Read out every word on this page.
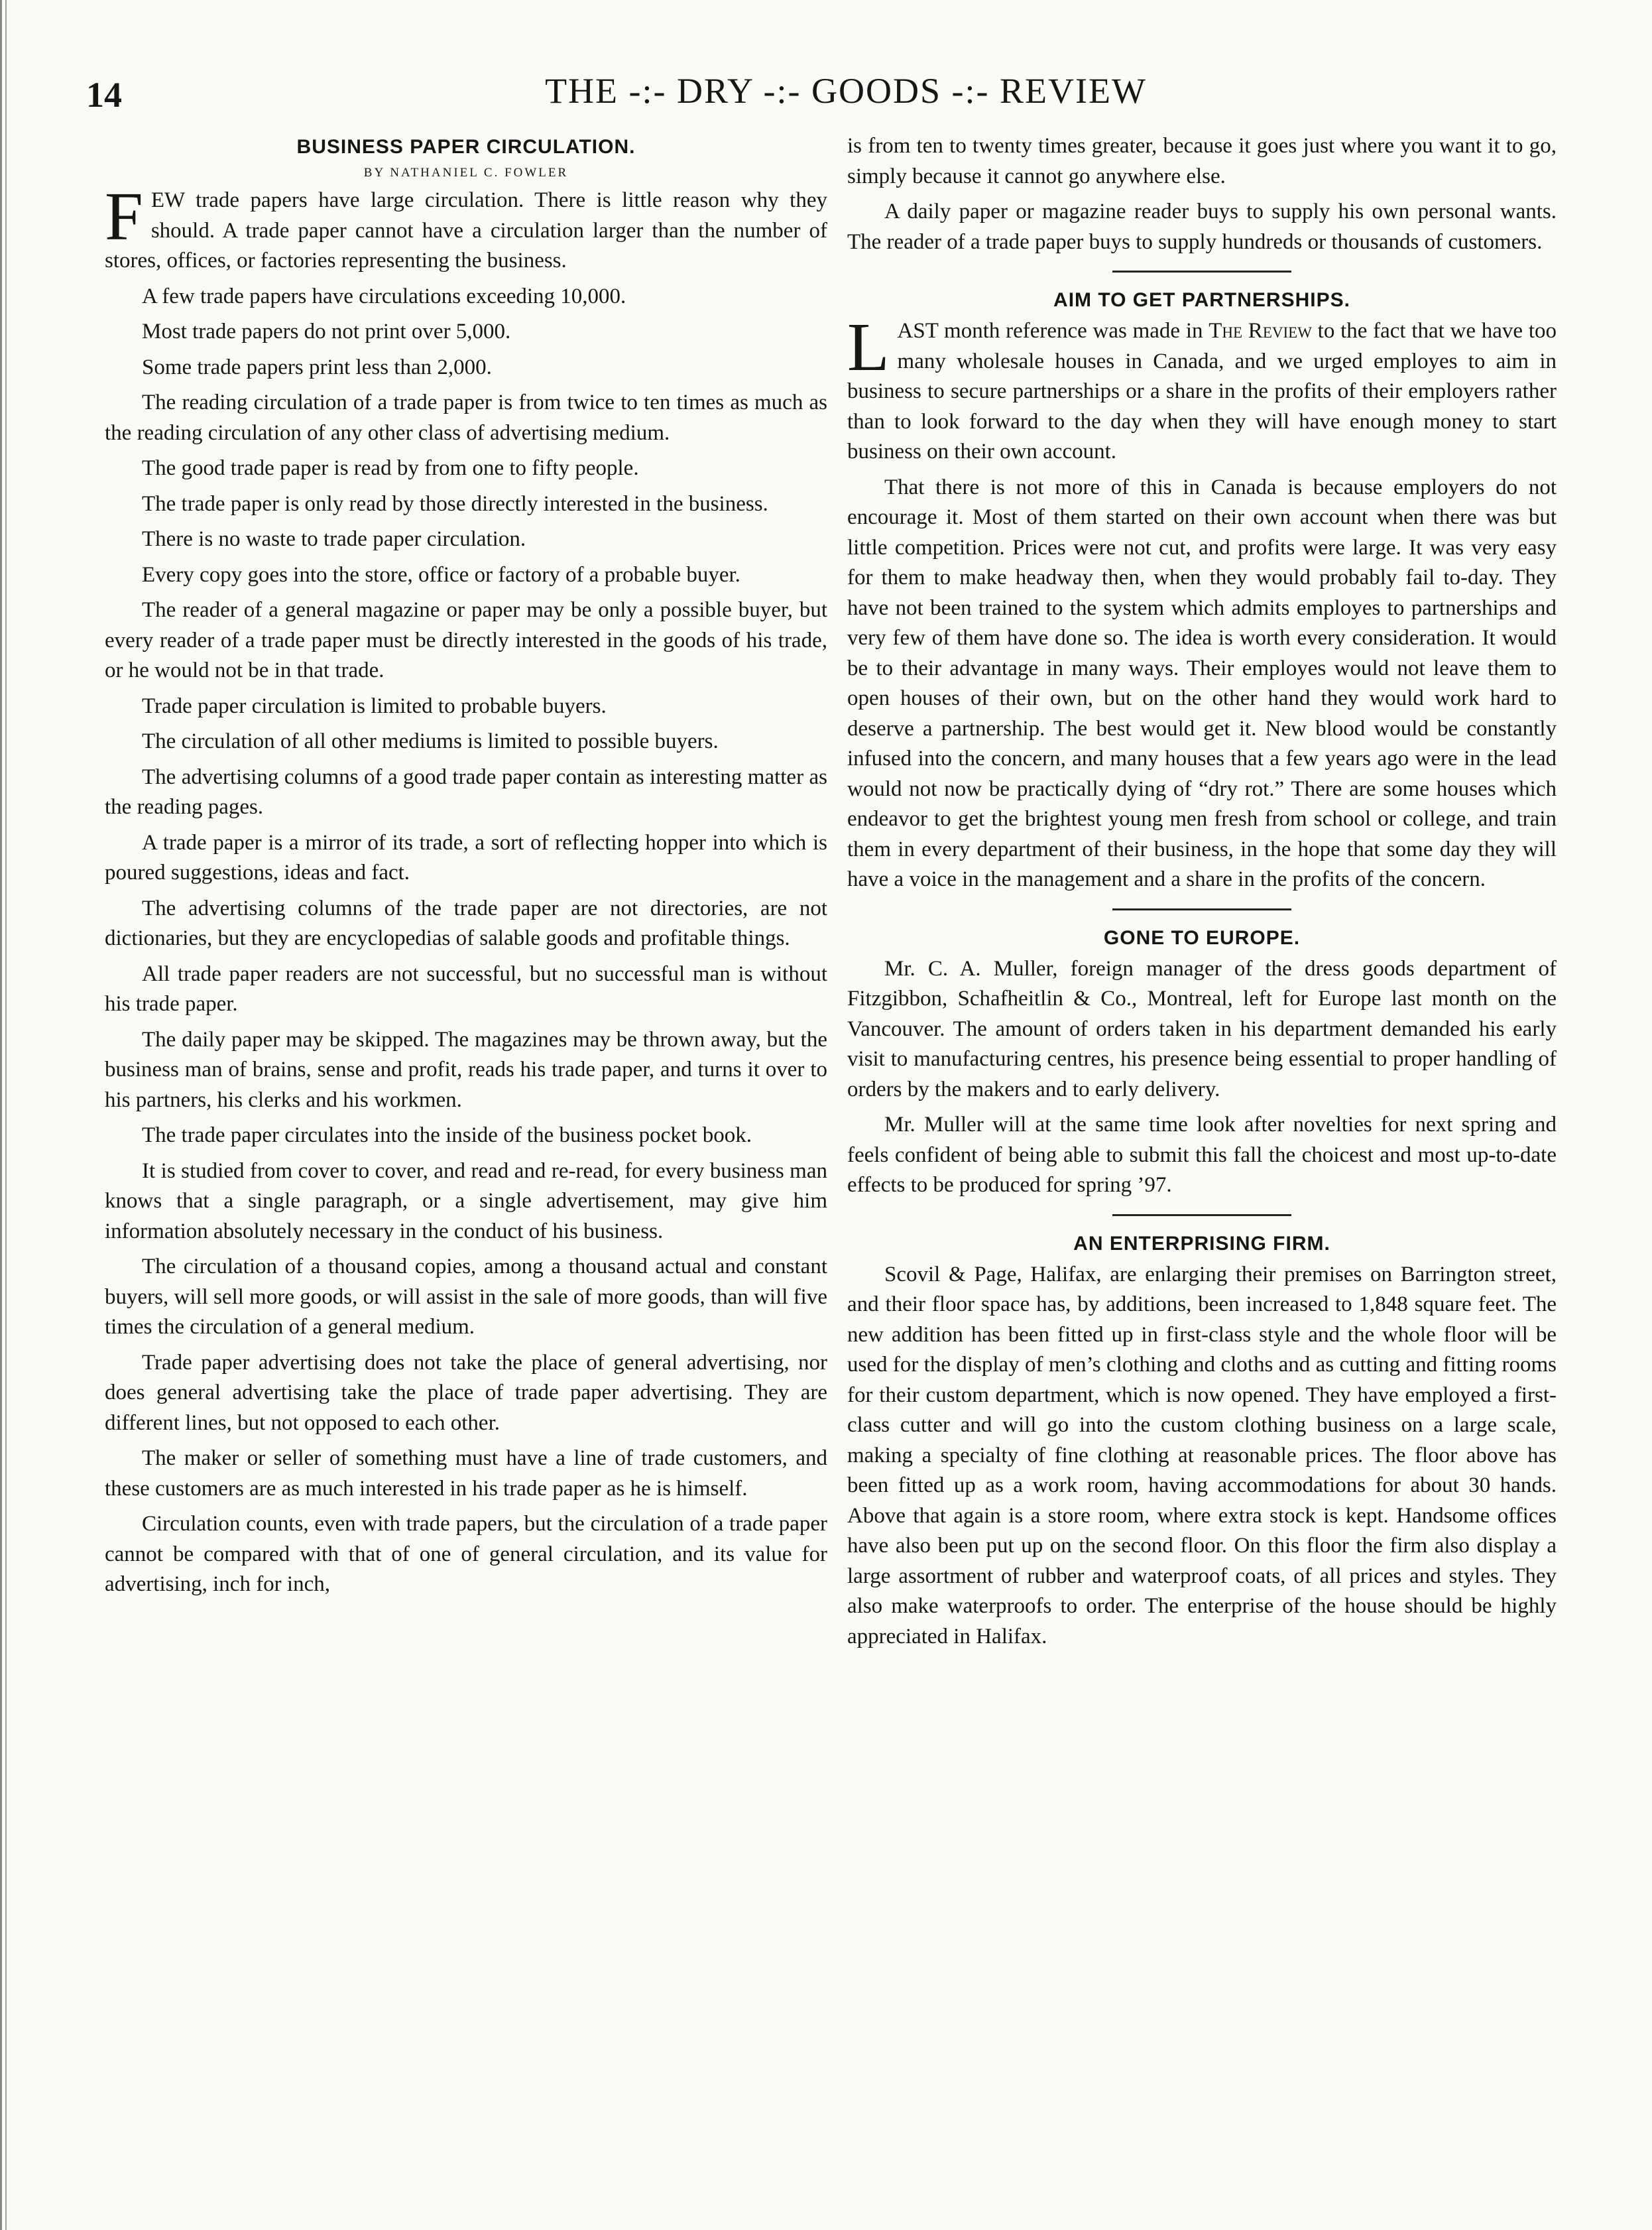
14	THE -:- DRY -:- GOODS -:- REVIEW
BUSINESS PAPER CIRCULATION.
BY NATHANIEL C. FOWLER

FEW trade papers have large circulation. There is little reason why they should. A trade paper cannot have a circulation larger than the number of stores, offices, or factories representing the business.

A few trade papers have circulations exceeding 10,000.

Most trade papers do not print over 5,000.

Some trade papers print less than 2,000.

The reading circulation of a trade paper is from twice to ten times as much as the reading circulation of any other class of advertising medium.

The good trade paper is read by from one to fifty people.

The trade paper is only read by those directly interested in the business.

There is no waste to trade paper circulation.

Every copy goes into the store, office or factory of a probable buyer.

The reader of a general magazine or paper may be only a possible buyer, but every reader of a trade paper must be directly interested in the goods of his trade, or he would not be in that trade.

Trade paper circulation is limited to probable buyers.

The circulation of all other mediums is limited to possible buyers.

The advertising columns of a good trade paper contain as interesting matter as the reading pages.

A trade paper is a mirror of its trade, a sort of reflecting hopper into which is poured suggestions, ideas and fact.

The advertising columns of the trade paper are not directories, are not dictionaries, but they are encyclopedias of salable goods and profitable things.

All trade paper readers are not successful, but no successful man is without his trade paper.

The daily paper may be skipped. The magazines may be thrown away, but the business man of brains, sense and profit, reads his trade paper, and turns it over to his partners, his clerks and his workmen.

The trade paper circulates into the inside of the business pocket book.

It is studied from cover to cover, and read and re-read, for every business man knows that a single paragraph, or a single advertisement, may give him information absolutely necessary in the conduct of his business.

The circulation of a thousand copies, among a thousand actual and constant buyers, will sell more goods, or will assist in the sale of more goods, than will five times the circulation of a general medium.

Trade paper advertising does not take the place of general advertising, nor does general advertising take the place of trade paper advertising. They are different lines, but not opposed to each other.

The maker or seller of something must have a line of trade customers, and these customers are as much interested in his trade paper as he is himself.

Circulation counts, even with trade papers, but the circulation of a trade paper cannot be compared with that of one of general circulation, and its value for advertising, inch for inch,

is from ten to twenty times greater, because it goes just where you want it to go, simply because it cannot go anywhere else.

A daily paper or magazine reader buys to supply his own personal wants. The reader of a trade paper buys to supply hundreds or thousands of customers.

AIM TO GET PARTNERSHIPS.

LAST month reference was made in The Review to the fact that we have too many wholesale houses in Canada, and we urged employes to aim in business to secure partnerships or a share in the profits of their employers rather than to look forward to the day when they will have enough money to start business on their own account.

That there is not more of this in Canada is because employers do not encourage it. Most of them started on their own account when there was but little competition. Prices were not cut, and profits were large. It was very easy for them to make headway then, when they would probably fail to-day. They have not been trained to the system which admits employes to partnerships and very few of them have done so. The idea is worth every consideration. It would be to their advantage in many ways. Their employes would not leave them to open houses of their own, but on the other hand they would work hard to deserve a partnership. The best would get it. New blood would be constantly infused into the concern, and many houses that a few years ago were in the lead would not now be practically dying of “dry rot.” There are some houses which endeavor to get the brightest young men fresh from school or college, and train them in every department of their business, in the hope that some day they will have a voice in the management and a share in the profits of the concern.

GONE TO EUROPE.

Mr. C. A. Muller, foreign manager of the dress goods department of Fitzgibbon, Schafheitlin & Co., Montreal, left for Europe last month on the Vancouver. The amount of orders taken in his department demanded his early visit to manufacturing centres, his presence being essential to proper handling of orders by the makers and to early delivery.

Mr. Muller will at the same time look after novelties for next spring and feels confident of being able to submit this fall the choicest and most up-to-date effects to be produced for spring ’97.

AN ENTERPRISING FIRM.

Scovil & Page, Halifax, are enlarging their premises on Barrington street, and their floor space has, by additions, been increased to 1,848 square feet. The new addition has been fitted up in first-class style and the whole floor will be used for the display of men’s clothing and cloths and as cutting and fitting rooms for their custom department, which is now opened. They have employed a first-class cutter and will go into the custom clothing business on a large scale, making a specialty of fine clothing at reasonable prices. The floor above has been fitted up as a work room, having accommodations for about 30 hands. Above that again is a store room, where extra stock is kept. Handsome offices have also been put up on the second floor. On this floor the firm also display a large assortment of rubber and waterproof coats, of all prices and styles. They also make waterproofs to order. The enterprise of the house should be highly appreciated in Halifax.
